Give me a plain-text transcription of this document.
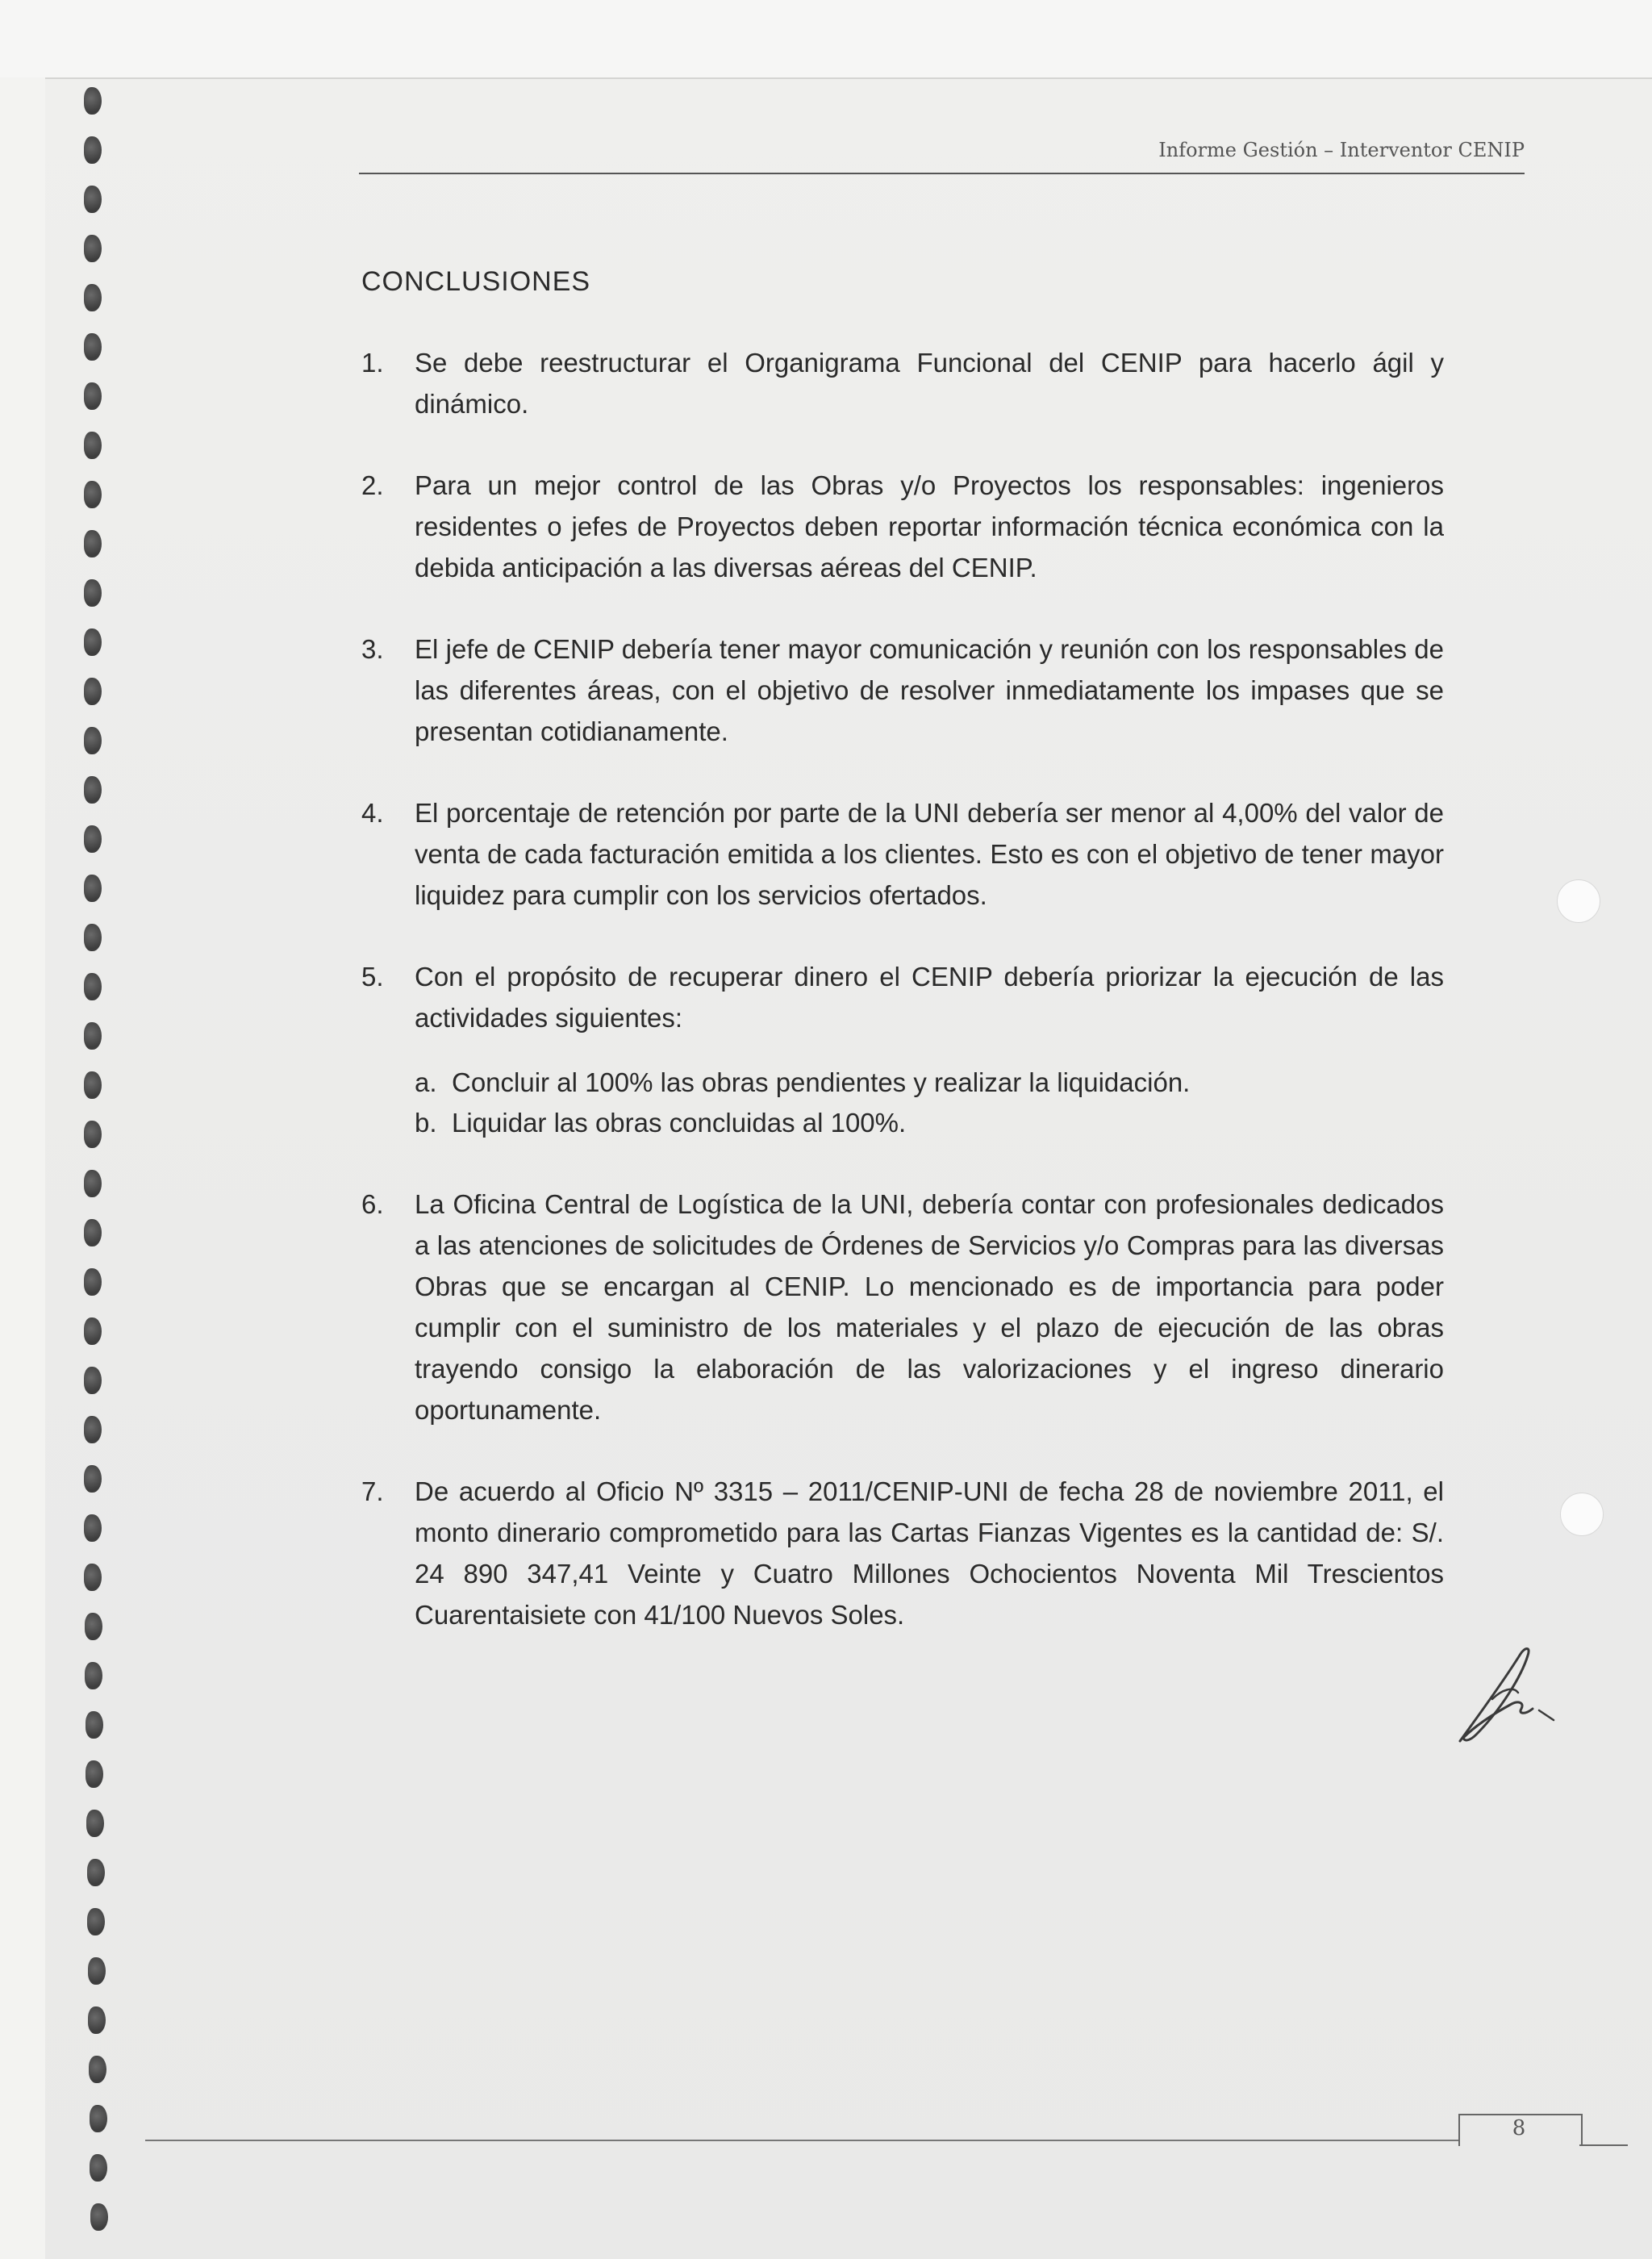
Informe Gestión – Interventor CENIP
CONCLUSIONES
1. Se debe reestructurar el Organigrama Funcional del CENIP para hacerlo ágil y dinámico.

2. Para un mejor control de las Obras y/o Proyectos los responsables: ingenieros residentes o jefes de Proyectos deben reportar información técnica económica con la debida anticipación a las diversas aéreas del CENIP.

3. El jefe de CENIP debería tener mayor comunicación y reunión con los responsables de las diferentes áreas, con el objetivo de resolver inmediatamente los impases que se presentan cotidianamente.

4. El porcentaje de retención por parte de la UNI debería ser menor al 4,00% del valor de venta de cada facturación emitida a los clientes. Esto es con el objetivo de tener mayor liquidez para cumplir con los servicios ofertados.

5. Con el propósito de recuperar dinero el CENIP debería priorizar la ejecución de las actividades siguientes:

a. Concluir al 100% las obras pendientes y realizar la liquidación.
b. Liquidar las obras concluidas al 100%.
6. La Oficina Central de Logística de la UNI, debería contar con profesionales dedicados a las atenciones de solicitudes de Órdenes de Servicios y/o Compras para las diversas Obras que se encargan al CENIP. Lo mencionado es de importancia para poder cumplir con el suministro de los materiales y el plazo de ejecución de las obras trayendo consigo la elaboración de las valorizaciones y el ingreso dinerario oportunamente.

7. De acuerdo al Oficio Nº 3315 – 2011/CENIP-UNI de fecha 28 de noviembre 2011, el monto dinerario comprometido para las Cartas Fianzas Vigentes es la cantidad de: S/. 24 890 347,41 Veinte y Cuatro Millones Ochocientos Noventa Mil Trescientos Cuarentaisiete con 41/100 Nuevos Soles.

8
